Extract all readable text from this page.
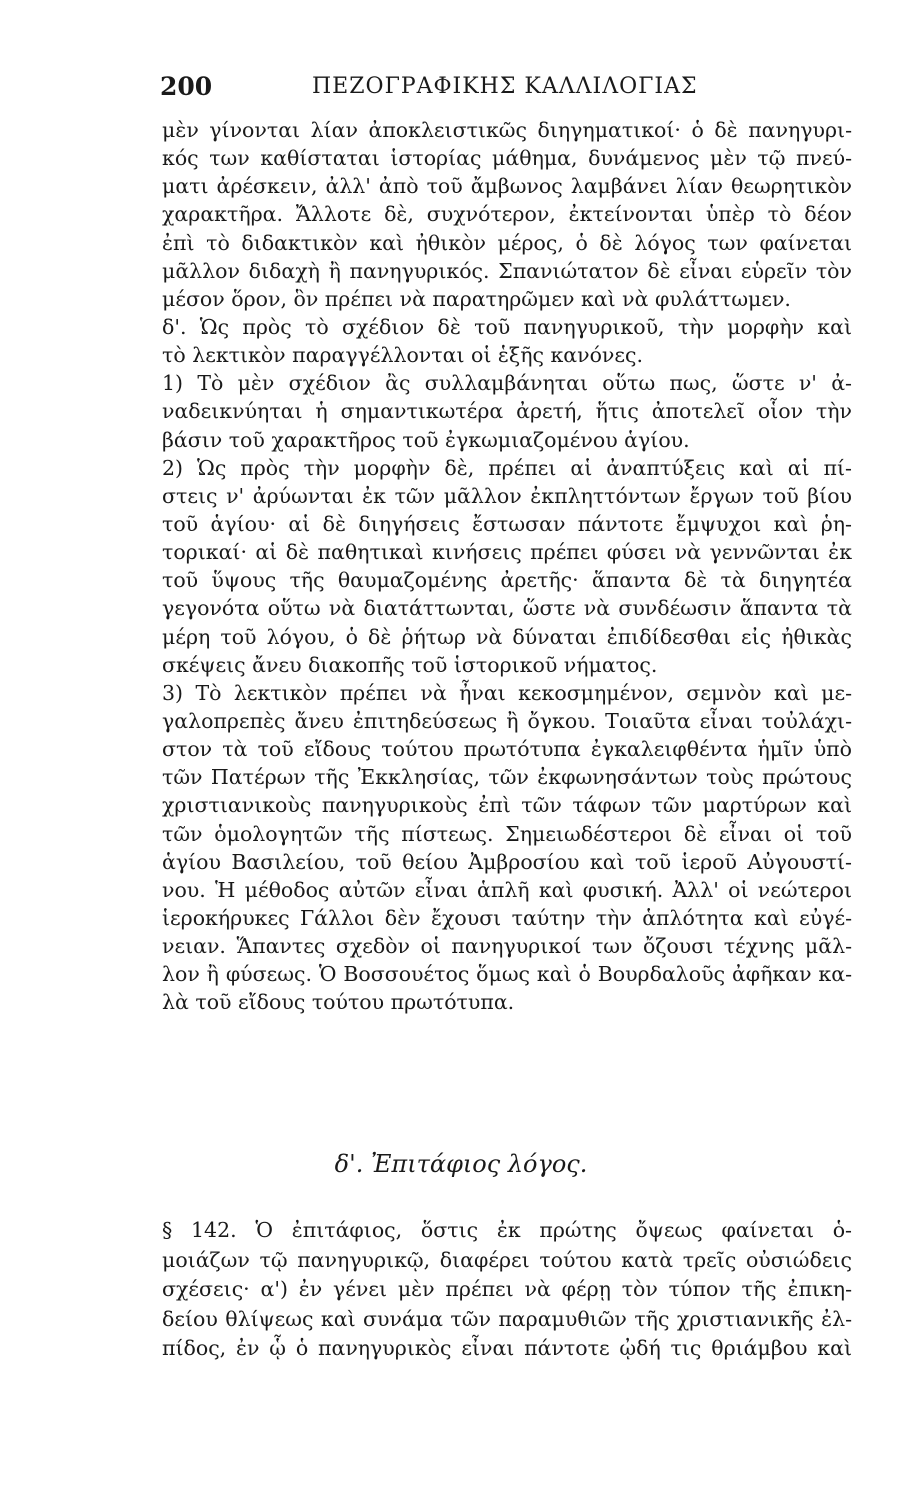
200	ΠΕΖΟΓΡΑΦΙΚΗΣ ΚΑΛΛΙΛΟΓΙΑΣ
μὲν γίνονται λίαν ἀποκλειστικῶς διηγηματικοί· ὁ δὲ πανηγυρι-
κός των καθίσταται ἱστορίας μάθημα, δυνάμενος μὲν τῷ πνεύ-
ματι ἀρέσκειν, ἀλλ' ἀπὸ τοῦ ἄμβωνος λαμβάνει λίαν θεωρητικὸν
χαρακτῆρα. Ἄλλοτε δὲ, συχνότερον, ἐκτείνονται ὑπὲρ τὸ δέον
ἐπὶ τὸ διδακτικὸν καὶ ἠθικὸν μέρος, ὁ δὲ λόγος των φαίνεται
μᾶλλον διδαχὴ ἢ πανηγυρικός. Σπανιώτατον δὲ εἶναι εὑρεῖν τὸν
μέσον ὅρον, ὃν πρέπει νὰ παρατηρῶμεν καὶ νὰ φυλάττωμεν.
δ'. Ὡς πρὸς τὸ σχέδιον δὲ τοῦ πανηγυρικοῦ, τὴν μορφὴν καὶ
τὸ λεκτικὸν παραγγέλλονται οἱ ἑξῆς κανόνες.
1) Τὸ μὲν σχέδιον ἂς συλλαμβάνηται οὕτω πως, ὥστε ν' ἀ-
ναδεικνύηται ἡ σημαντικωτέρα ἀρετή, ἥτις ἀποτελεῖ οἷον τὴν
βάσιν τοῦ χαρακτῆρος τοῦ ἐγκωμιαζομένου ἁγίου.
2) Ὡς πρὸς τὴν μορφὴν δὲ, πρέπει αἱ ἀναπτύξεις καὶ αἱ πί-
στεις ν' ἀρύωνται ἐκ τῶν μᾶλλον ἐκπληττόντων ἔργων τοῦ βίου
τοῦ ἁγίου· αἱ δὲ διηγήσεις ἔστωσαν πάντοτε ἔμψυχοι καὶ ῥη-
τορικαί· αἱ δὲ παθητικαὶ κινήσεις πρέπει φύσει νὰ γεννῶνται ἐκ
τοῦ ὕψους τῆς θαυμαζομένης ἀρετῆς· ἅπαντα δὲ τὰ διηγητέα
γεγονότα οὕτω νὰ διατάττωνται, ὥστε νὰ συνδέωσιν ἅπαντα τὰ
μέρη τοῦ λόγου, ὁ δὲ ῥήτωρ νὰ δύναται ἐπιδίδεσθαι εἰς ἠθικὰς
σκέψεις ἄνευ διακοπῆς τοῦ ἱστορικοῦ νήματος.
3) Τὸ λεκτικὸν πρέπει νὰ ἦναι κεκοσμημένον, σεμνὸν καὶ με-
γαλοπρεπὲς ἄνευ ἐπιτηδεύσεως ἢ ὄγκου. Τοιαῦτα εἶναι τοὐλάχι-
στον τὰ τοῦ εἴδους τούτου πρωτότυπα ἐγκαλειφθέντα ἡμῖν ὑπὸ
τῶν Πατέρων τῆς Ἐκκλησίας, τῶν ἐκφωνησάντων τοὺς πρώτους
χριστιανικοὺς πανηγυρικοὺς ἐπὶ τῶν τάφων τῶν μαρτύρων καὶ
τῶν ὁμολογητῶν τῆς πίστεως. Σημειωδέστεροι δὲ εἶναι οἱ τοῦ
ἁγίου Βασιλείου, τοῦ θείου Ἀμβροσίου καὶ τοῦ ἱεροῦ Αὐγουστί-
νου. Ἡ μέθοδος αὐτῶν εἶναι ἁπλῆ καὶ φυσική. Ἀλλ' οἱ νεώτεροι
ἱεροκήρυκες Γάλλοι δὲν ἔχουσι ταύτην τὴν ἁπλότητα καὶ εὐγέ-
νειαν. Ἅπαντες σχεδὸν οἱ πανηγυρικοί των ὄζουσι τέχνης μᾶλ-
λον ἢ φύσεως. Ὁ Βοσσουέτος ὅμως καὶ ὁ Βουρδαλοῦς ἀφῆκαν κα-
λὰ τοῦ εἴδους τούτου πρωτότυπα.
δ'. Ἐπιτάφιος λόγος.
§ 142. Ὁ ἐπιτάφιος, ὅστις ἐκ πρώτης ὄψεως φαίνεται ὁ-
μοιάζων τῷ πανηγυρικῷ, διαφέρει τούτου κατὰ τρεῖς οὐσιώδεις
σχέσεις· α') ἐν γένει μὲν πρέπει νὰ φέρῃ τὸν τύπον τῆς ἐπικη-
δείου θλίψεως καὶ συνάμα τῶν παραμυθιῶν τῆς χριστιανικῆς ἐλ-
πίδος, ἐν ᾧ ὁ πανηγυρικὸς εἶναι πάντοτε ᾠδή τις θριάμβου καὶ
